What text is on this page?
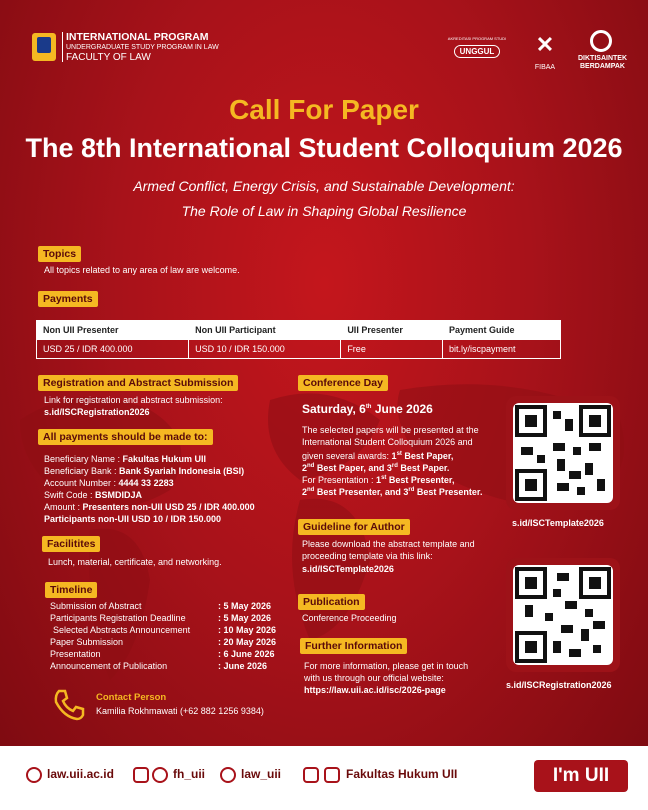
INTERNATIONAL PROGRAM
UNDERGRADUATE STUDY PROGRAM IN LAW
FACULTY OF LAW
AKREDITASI PROGRAM STUDI
UNGGUL	✕
FIBAA
DIKTISAINTEK
BERDAMPAK
Call For Paper
The 8th International Student Colloquium 2026
Armed Conflict, Energy Crisis, and Sustainable Development:
The Role of Law in Shaping Global Resilience
Topics
All topics related to any area of law are welcome.
Payments
Non UII Presenter	Non UII Participant	UII Presenter	Payment Guide
USD 25 / IDR 400.000	USD 10 / IDR 150.000	Free	bit.ly/iscpayment
Registration and Abstract Submission
Link for registration and abstract submission:
s.id/ISCRegistration2026
All payments should be made to:
Beneficiary Name : Fakultas Hukum UII
Beneficiary Bank : Bank Syariah Indonesia (BSI)
Account Number : 4444 33 2283
Swift Code : BSMDIDJA
Amount : Presenters non-UII USD 25 / IDR 400.000
Participants non-UII USD 10 / IDR 150.000
Facilitites
Lunch, material, certificate, and networking.
Timeline
Submission of Abstract	: 5 May 2026
Participants Registration Deadline	: 5 May 2026
Selected Abstracts Announcement	: 10 May 2026
Paper Submission	: 20 May 2026
Presentation	: 6 June 2026
Announcement of Publication	: June 2026
Contact Person
Kamilia Rokhmawati (+62 882 1256 9384)
Conference Day
Saturday, 6th June 2026
The selected papers will be presented at the
International Student Colloquium 2026 and
given several awards: 1st Best Paper,
2nd Best Paper, and 3rd Best Paper.
For Presentation : 1st Best Presenter,
2nd Best Presenter, and 3rd Best Presenter.
Guideline for Author
Please download the abstract template and
proceeding template via this link:
s.id/ISCTemplate2026
Publication
Conference Proceeding
Further Information
For more information, please get in touch
with us through our official website:
https://law.uii.ac.id/isc/2026-page
s.id/ISCTemplate2026
s.id/ISCRegistration2026
law.uii.ac.id	fh_uii	law_uii	Fakultas Hukum UII	I'm UII
